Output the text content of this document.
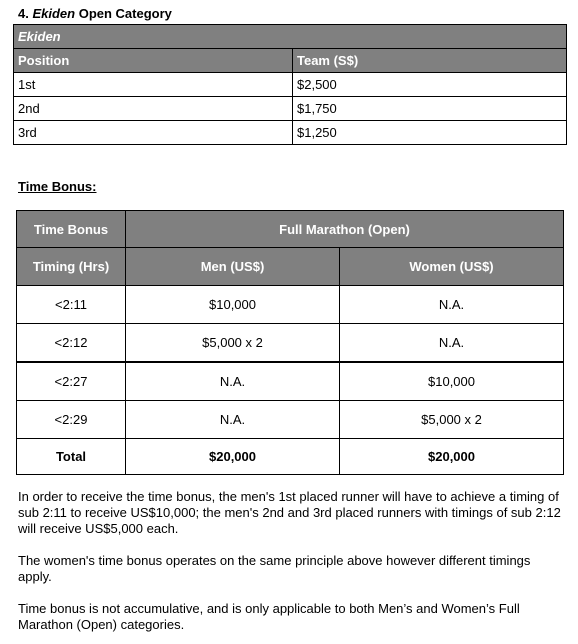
4. Ekiden Open Category
Ekiden	
Position	Team (S$)
1st	$2,500
2nd	$1,750
3rd	$1,250
Time Bonus:
Time Bonus	Full Marathon (Open)	
Timing (Hrs)	Men (US$)	Women (US$)
<2:11	$10,000	N.A.
<2:12	$5,000 x 2	N.A.
<2:27	N.A.	$10,000
<2:29	N.A.	$5,000 x 2
Total	$20,000	$20,000

In order to receive the time bonus, the men's 1st placed runner will have to achieve a timing of sub 2:11 to receive US$10,000; the men's 2nd and 3rd placed runners with timings of sub 2:12 will receive US$5,000 each.

The women's time bonus operates on the same principle above however different timings apply.

Time bonus is not accumulative, and is only applicable to both Men’s and Women’s Full Marathon (Open) categories.
